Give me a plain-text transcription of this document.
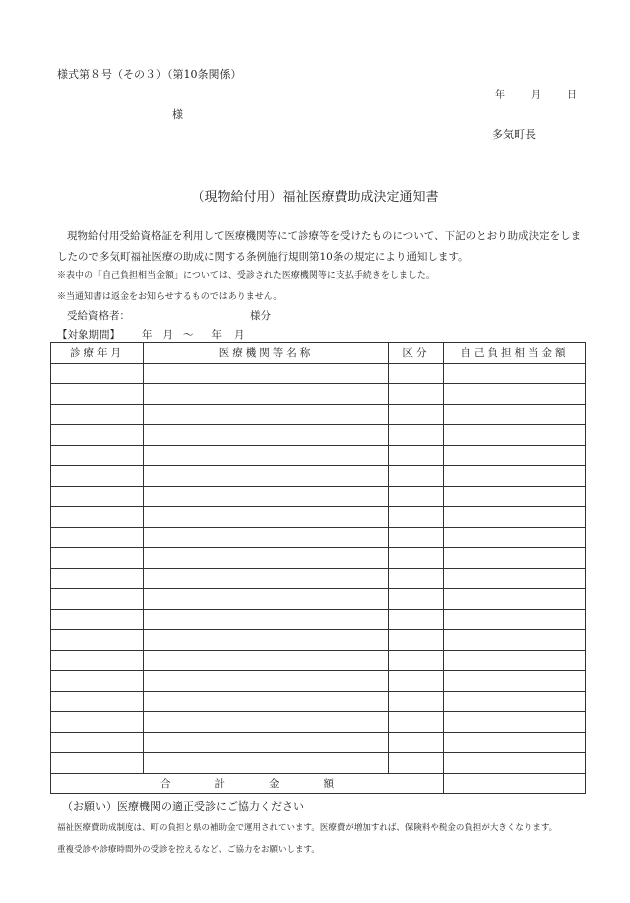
様式第８号（その３）（第10条関係）
年	月	日
様
多気町長
（現物給付用）福祉医療費助成決定通知書
現物給付用受給資格証を利用して医療機関等にて診療等を受けたものについて、下記のとおり助成決定をしましたので多気町福祉医療の助成に関する条例施行規則第10条の規定により通知します。
※表中の「自己負担相当金額」については、受診された医療機関等に支払手続きをしました。
※当通知書は返金をお知らせするものではありません。
受給資格者：	様分
【対象期間】 年 月 ～ 年 月
診療年月	医療機関等名称	区分	自己負担相当金額

合 計 金 額			
（お願い）医療機関の適正受診にご協力ください
福祉医療費助成制度は、町の負担と県の補助金で運用されています。医療費が増加すれば、保険料や税金の負担が大きくなります。
重複受診や診療時間外の受診を控えるなど、ご協力をお願いします。
